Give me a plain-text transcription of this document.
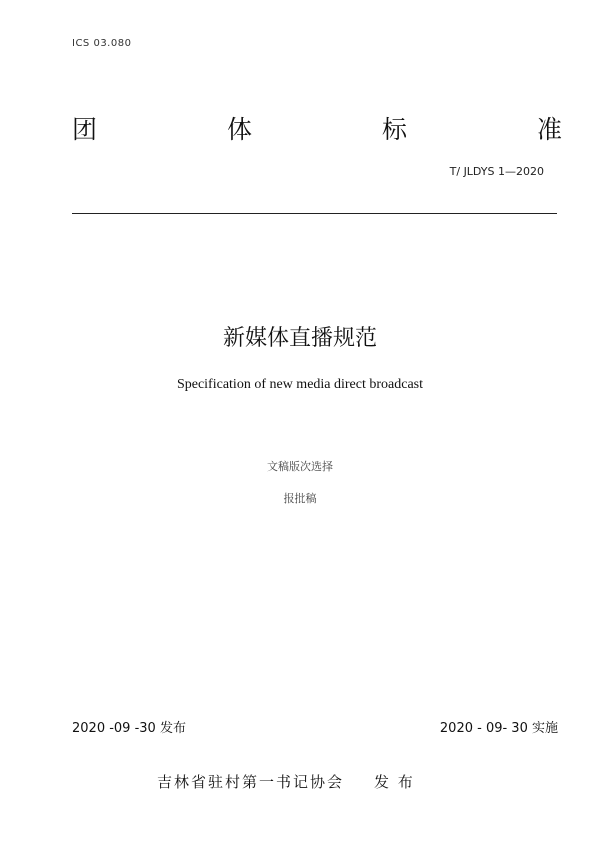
ICS 03.080
团	体	标	准
T/ JLDYS 1—2020
新媒体直播规范
Specification of new media direct broadcast
文稿版次选择
报批稿
2020 -09 -30 发布	2020 - 09- 30 实施
吉林省驻村第一书记协会 发 布
